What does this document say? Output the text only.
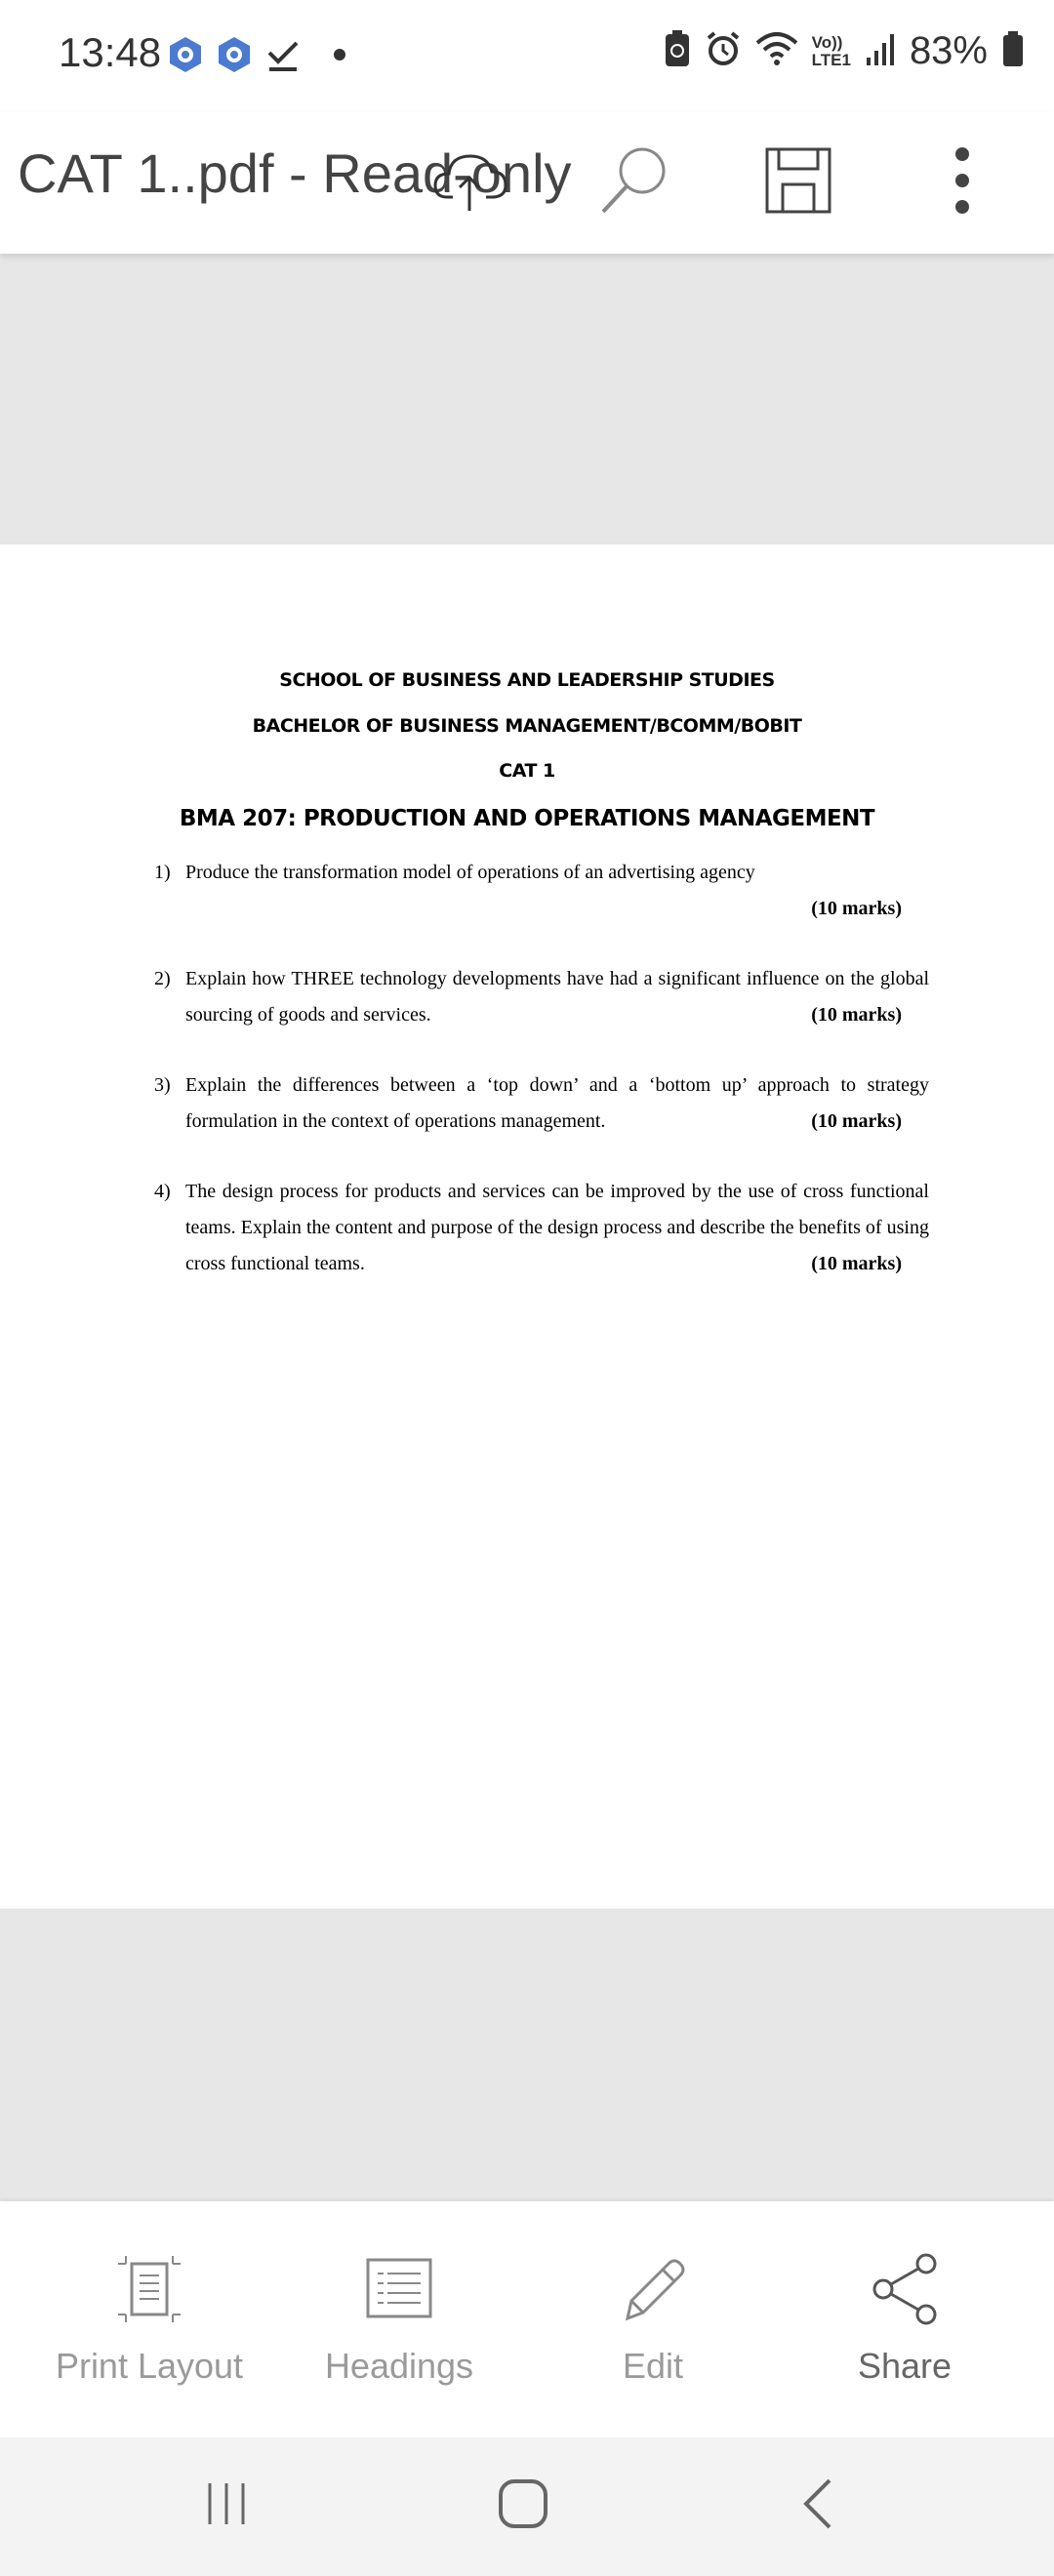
13:48	Vo))
LTE1 83%
CAT 1..pdf - Read-only
SCHOOL OF BUSINESS AND LEADERSHIP STUDIES
BACHELOR OF BUSINESS MANAGEMENT/BCOMM/BOBIT
CAT 1
BMA 207: PRODUCTION AND OPERATIONS MANAGEMENT
1) Produce the transformation model of operations of an advertising agency
(10 marks)
2) Explain how THREE technology developments have had a significant influence on the global sourcing of goods and services.	(10 marks)
3) Explain the differences between a ‘top down’ and a ‘bottom up’ approach to strategy formulation in the context of operations management.	(10 marks)
4) The design process for products and services can be improved by the use of cross functional teams. Explain the content and purpose of the design process and describe the benefits of using cross functional teams.	(10 marks)
Print Layout	Headings	Edit	Share
